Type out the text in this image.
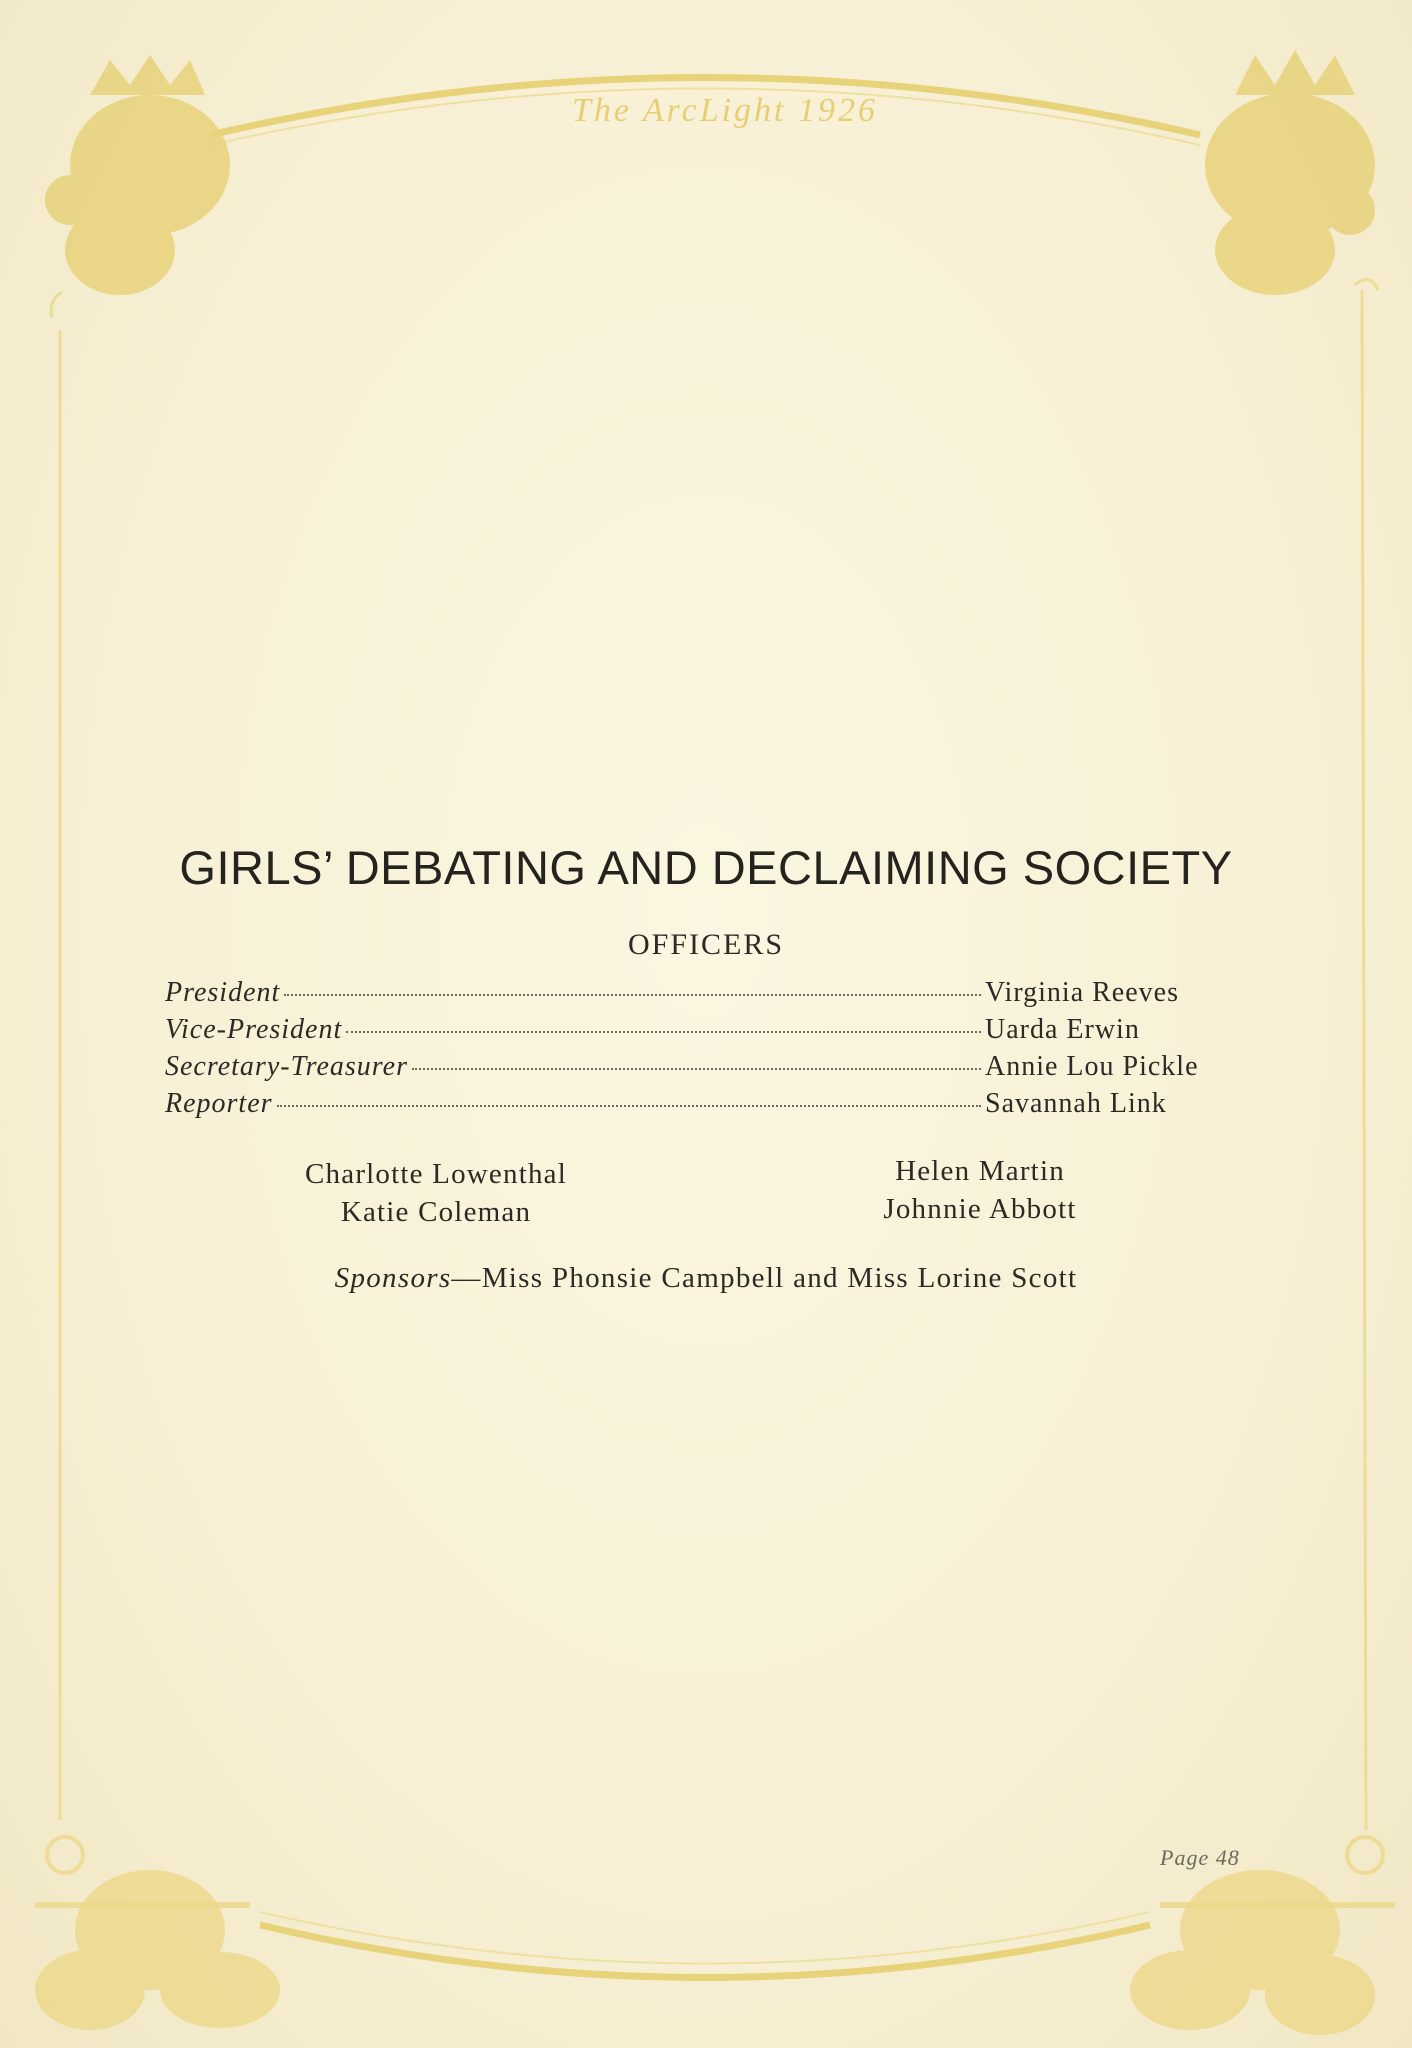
The ArcLight 1926
GIRLS’ DEBATING AND DECLAIMING SOCIETY
OFFICERS
President	Virginia Reeves
Vice-President	Uarda Erwin
Secretary-Treasurer	Annie Lou Pickle
Reporter	Savannah Link
Charlotte Lowenthal
Katie Coleman
Helen Martin
Johnnie Abbott
Sponsors—Miss Phonsie Campbell and Miss Lorine Scott
Page 48
